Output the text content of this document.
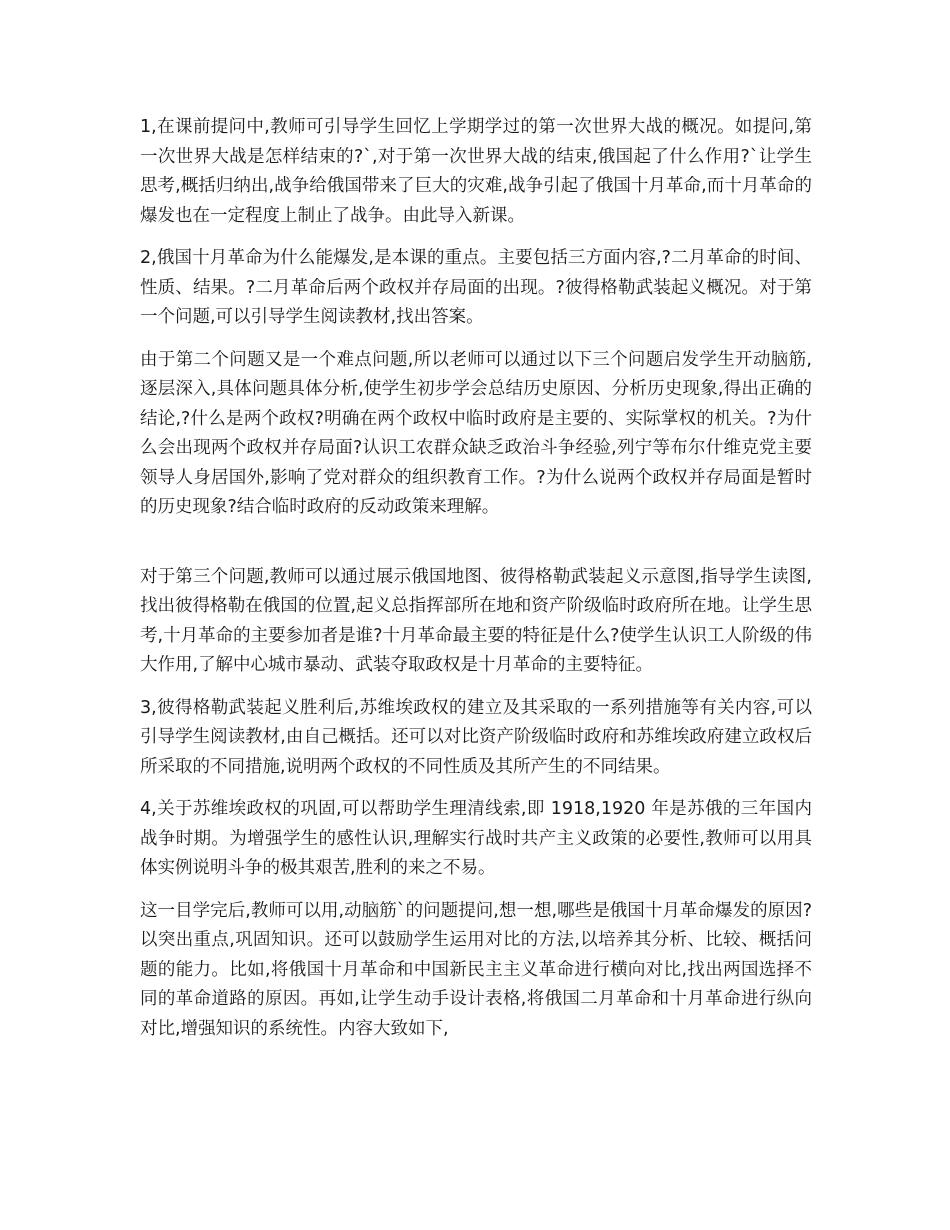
1,在课前提问中,教师可引导学生回忆上学期学过的第一次世界大战的概况。如提问,第一次世界大战是怎样结束的?`,对于第一次世界大战的结束,俄国起了什么作用?`让学生思考,概括归纳出,战争给俄国带来了巨大的灾难,战争引起了俄国十月革命,而十月革命的爆发也在一定程度上制止了战争。由此导入新课。

2,俄国十月革命为什么能爆发,是本课的重点。主要包括三方面内容,?二月革命的时间、性质、结果。?二月革命后两个政权并存局面的出现。?彼得格勒武装起义概况。对于第一个问题,可以引导学生阅读教材,找出答案。

由于第二个问题又是一个难点问题,所以老师可以通过以下三个问题启发学生开动脑筋,逐层深入,具体问题具体分析,使学生初步学会总结历史原因、分析历史现象,得出正确的结论,?什么是两个政权?明确在两个政权中临时政府是主要的、实际掌权的机关。?为什么会出现两个政权并存局面?认识工农群众缺乏政治斗争经验,列宁等布尔什维克党主要领导人身居国外,影响了党对群众的组织教育工作。?为什么说两个政权并存局面是暂时的历史现象?结合临时政府的反动政策来理解。

对于第三个问题,教师可以通过展示俄国地图、彼得格勒武装起义示意图,指导学生读图,找出彼得格勒在俄国的位置,起义总指挥部所在地和资产阶级临时政府所在地。让学生思考,十月革命的主要参加者是谁?十月革命最主要的特征是什么?使学生认识工人阶级的伟大作用,了解中心城市暴动、武装夺取政权是十月革命的主要特征。

3,彼得格勒武装起义胜利后,苏维埃政权的建立及其采取的一系列措施等有关内容,可以引导学生阅读教材,由自己概括。还可以对比资产阶级临时政府和苏维埃政府建立政权后所采取的不同措施,说明两个政权的不同性质及其所产生的不同结果。

4,关于苏维埃政权的巩固,可以帮助学生理清线索,即 1918,1920 年是苏俄的三年国内战争时期。为增强学生的感性认识,理解实行战时共产主义政策的必要性,教师可以用具体实例说明斗争的极其艰苦,胜利的来之不易。

这一目学完后,教师可以用,动脑筋`的问题提问,想一想,哪些是俄国十月革命爆发的原因?以突出重点,巩固知识。还可以鼓励学生运用对比的方法,以培养其分析、比较、概括问题的能力。比如,将俄国十月革命和中国新民主主义革命进行横向对比,找出两国选择不同的革命道路的原因。再如,让学生动手设计表格,将俄国二月革命和十月革命进行纵向对比,增强知识的系统性。内容大致如下,
